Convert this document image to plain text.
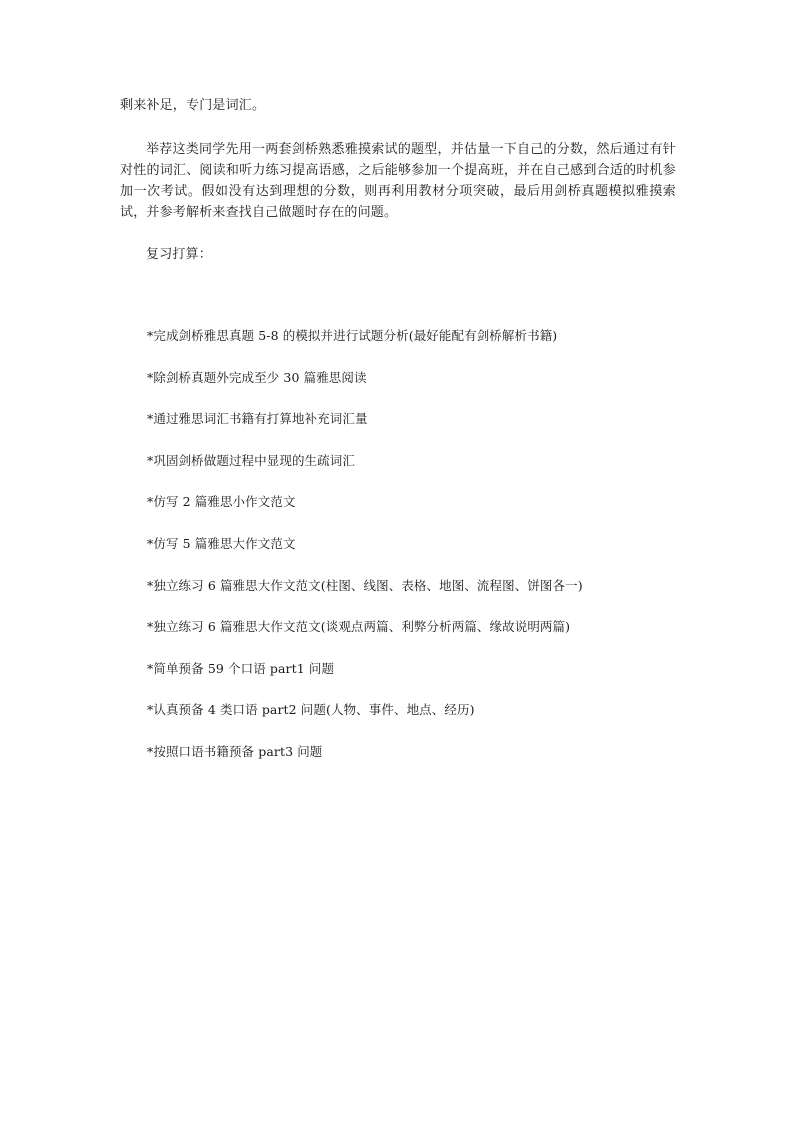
剩来补足，专门是词汇。

举荐这类同学先用一两套剑桥熟悉雅摸索试的题型，并估量一下自己的分数，然后通过有针对性的词汇、阅读和听力练习提高语感，之后能够参加一个提高班，并在自己感到合适的时机参加一次考试。假如没有达到理想的分数，则再利用教材分项突破，最后用剑桥真题模拟雅摸索试，并参考解析来查找自己做题时存在的问题。

复习打算：

*完成剑桥雅思真题 5-8 的模拟并进行试题分析(最好能配有剑桥解析书籍)
*除剑桥真题外完成至少 30 篇雅思阅读
*通过雅思词汇书籍有打算地补充词汇量
*巩固剑桥做题过程中显现的生疏词汇
*仿写 2 篇雅思小作文范文
*仿写 5 篇雅思大作文范文
*独立练习 6 篇雅思大作文范文(柱图、线图、表格、地图、流程图、饼图各一)
*独立练习 6 篇雅思大作文范文(谈观点两篇、利弊分析两篇、缘故说明两篇)
*简单预备 59 个口语 part1 问题
*认真预备 4 类口语 part2 问题(人物、事件、地点、经历)
*按照口语书籍预备 part3 问题
